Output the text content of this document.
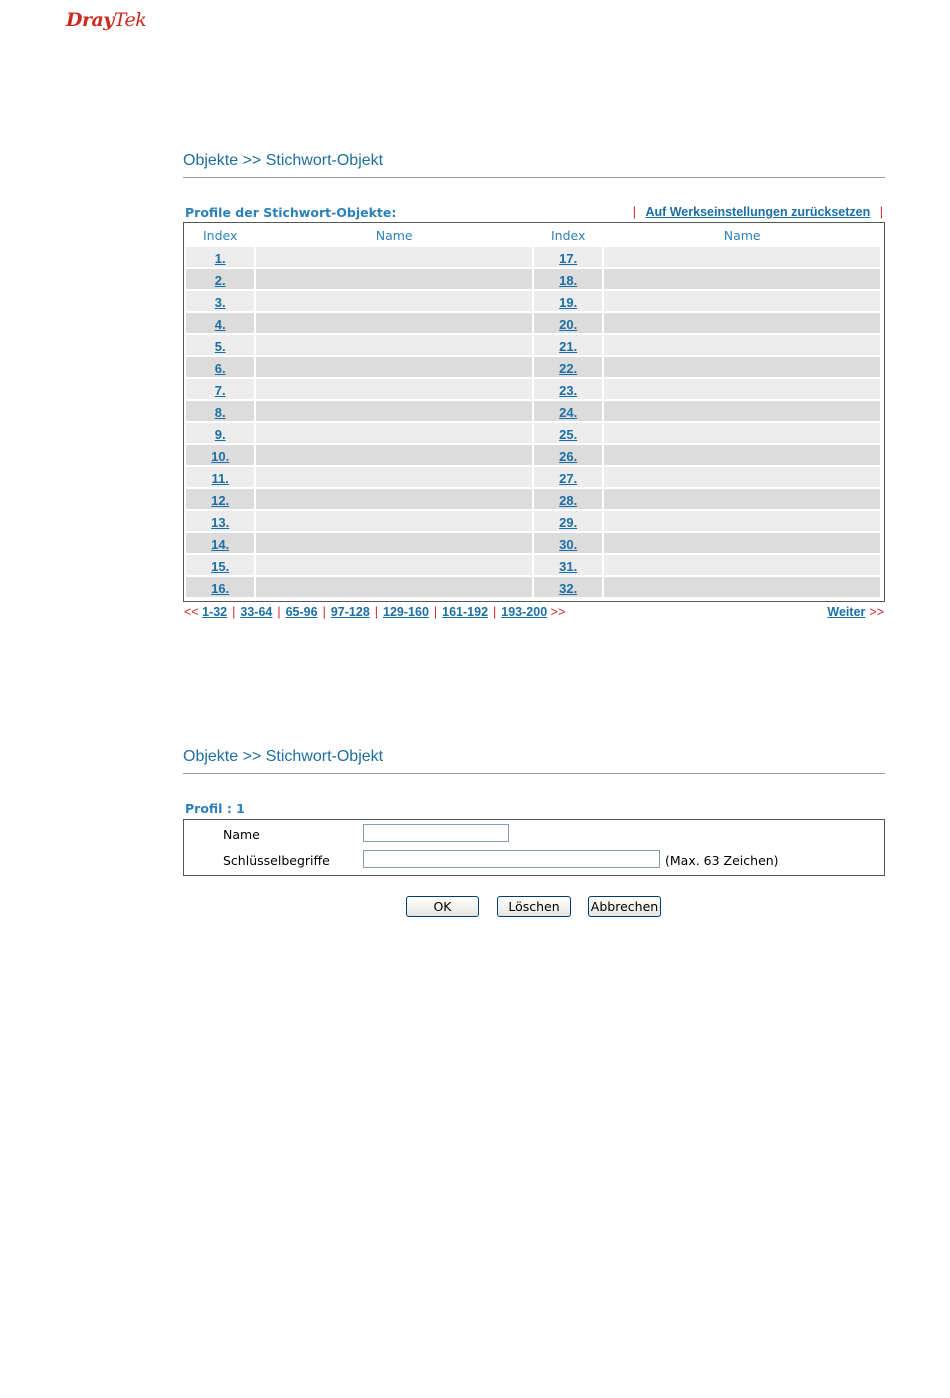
DrayTek
Objekte >> Stichwort-Objekt
Profile der Stichwort-Objekte:	| Auf Werkseinstellungen zurücksetzen |
Index	Name	Index	Name
1.		17.	
2.		18.	
3.		19.	
4.		20.	
5.		21.	
6.		22.	
7.		23.	
8.		24.	
9.		25.	
10.		26.	
11.		27.	
12.		28.	
13.		29.	
14.		30.	
15.		31.	
16.		32.	
<< 1-32 | 33-64 | 65-96 | 97-128 | 129-160 | 161-192 | 193-200 >>	Weiter >>
Objekte >> Stichwort-Objekt
Profil : 1
Name
Schlüsselbegriffe	(Max. 63 Zeichen)
OK	Löschen	Abbrechen
